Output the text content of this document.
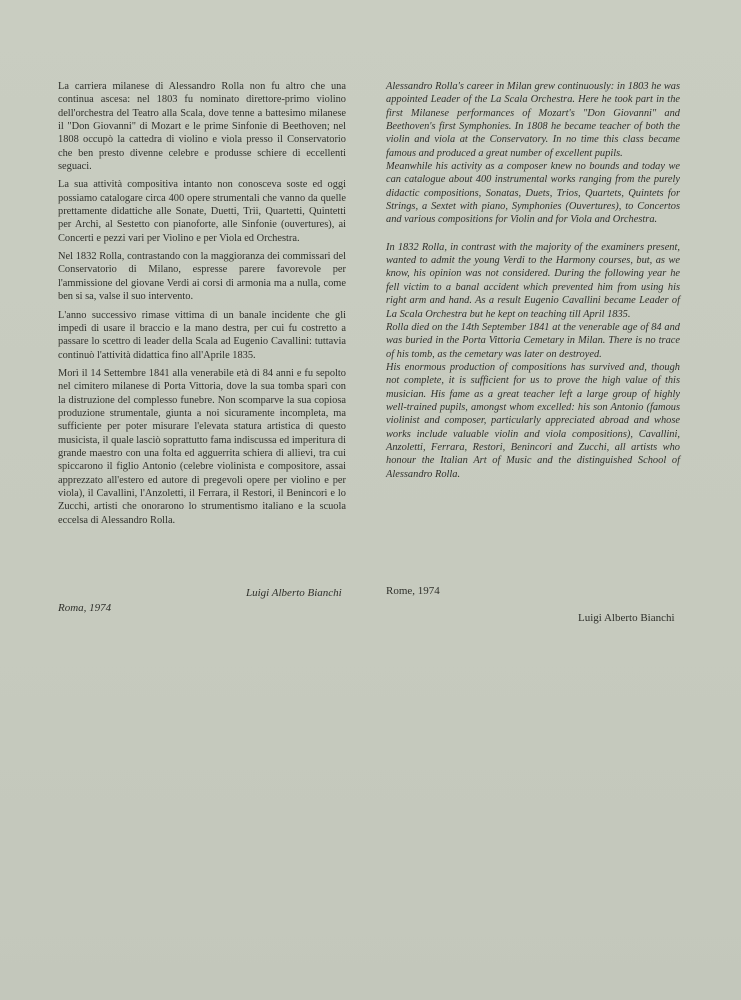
La carriera milanese di Alessandro Rolla non fu altro che una continua ascesa: nel 1803 fu nominato direttore-primo violino dell'orchestra del Teatro alla Scala, dove tenne a battesimo milanese il "Don Giovanni" di Mozart e le prime Sinfonie di Beethoven; nel 1808 occupò la cattedra di violino e viola presso il Conservatorio che ben presto divenne celebre e produsse schiere di eccellenti seguaci.

La sua attività compositiva intanto non conosceva soste ed oggi possiamo catalogare circa 400 opere strumentali che vanno da quelle prettamente didattiche alle Sonate, Duetti, Trii, Quartetti, Quintetti per Archi, al Sestetto con pianoforte, alle Sinfonie (ouvertures), ai Concerti e pezzi vari per Violino e per Viola ed Orchestra.

Nel 1832 Rolla, contrastando con la maggioranza dei commissari del Conservatorio di Milano, espresse parere favorevole per l'ammissione del giovane Verdi ai corsi di armonia ma a nulla, come ben si sa, valse il suo intervento.

L'anno successivo rimase vittima di un banale incidente che gli impedì di usare il braccio e la mano destra, per cui fu costretto a passare lo scettro di leader della Scala ad Eugenio Cavallini: tuttavia continuò l'attività didattica fino all'Aprile 1835.

Morì il 14 Settembre 1841 alla venerabile età di 84 anni e fu sepolto nel cimitero milanese di Porta Vittoria, dove la sua tomba sparì con la distruzione del complesso funebre. Non scomparve la sua copiosa produzione strumentale, giunta a noi sicuramente incompleta, ma sufficiente per poter misurare l'elevata statura artistica di questo musicista, il quale lasciò soprattutto fama indiscussa ed imperitura di grande maestro con una folta ed agguerrita schiera di allievi, tra cui spiccarono il figlio Antonio (celebre violinista e compositore, assai apprezzato all'estero ed autore di pregevoli opere per violino e per viola), il Cavallini, l'Anzoletti, il Ferrara, il Restori, il Benincori e lo Zucchi, artisti che onorarono lo strumentismo italiano e la scuola eccelsa di Alessandro Rolla.

Luigi Alberto Bianchi
Roma, 1974

Alessandro Rolla's career in Milan grew continuously: in 1803 he was appointed Leader of the La Scala Orchestra. Here he took part in the first Milanese performances of Mozart's "Don Giovanni" and Beethoven's first Symphonies. In 1808 he became teacher of both the violin and viola at the Conservatory. In no time this class became famous and produced a great number of excellent pupils.

Meanwhile his activity as a composer knew no bounds and today we can catalogue about 400 instrumental works ranging from the purely didactic compositions, Sonatas, Duets, Trios, Quartets, Quintets for Strings, a Sextet with piano, Symphonies (Ouvertures), to Concertos and various compositions for Violin and for Viola and Orchestra.

In 1832 Rolla, in contrast with the majority of the examiners present, wanted to admit the young Verdi to the Harmony courses, but, as we know, his opinion was not considered. During the following year he fell victim to a banal accident which prevented him from using his right arm and hand. As a result Eugenio Cavallini became Leader of La Scala Orchestra but he kept on teaching till April 1835.

Rolla died on the 14th September 1841 at the venerable age of 84 and was buried in the Porta Vittoria Cemetary in Milan. There is no trace of his tomb, as the cemetary was later on destroyed.

His enormous production of compositions has survived and, though not complete, it is sufficient for us to prove the high value of this musician. His fame as a great teacher left a large group of highly well-trained pupils, amongst whom excelled: his son Antonio (famous violinist and composer, particularly appreciated abroad and whose works include valuable violin and viola compositions), Cavallini, Anzoletti, Ferrara, Restori, Benincori and Zucchi, all artists who honour the Italian Art of Music and the distinguished School of Alessandro Rolla.

Rome, 1974
Luigi Alberto Bianchi
